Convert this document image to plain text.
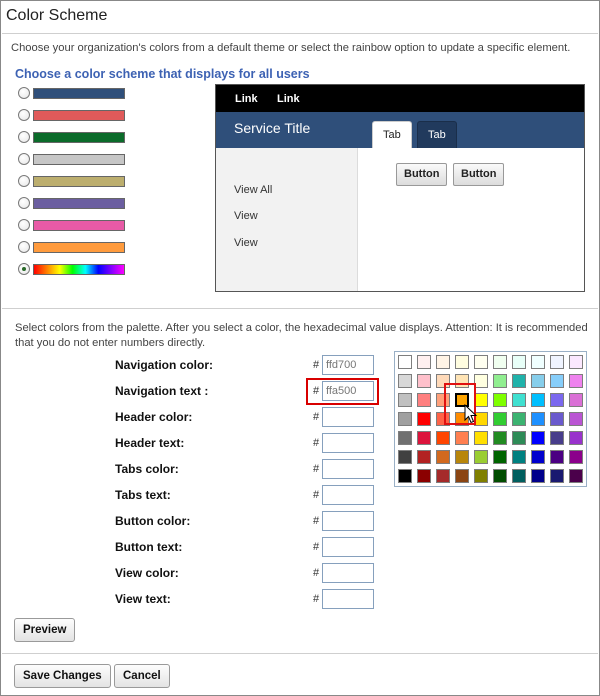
Color Scheme
Choose your organization's colors from a default theme or select the rainbow option to update a specific element.
Choose a color scheme that displays for all users
Link Link
Service Title	Tab	Tab
View All
View
View
Button	Button
Select colors from the palette. After you select a color, the hexadecimal value displays. Attention: It is recommended that you do not enter numbers directly.
Navigation color:	#
ffd700
Navigation text :	#
ffa500
Header color:	#
Header text:	#
Tabs color:	#
Tabs text:	#
Button color:	#
Button text:	#
View color:	#
View text:	#
Preview
Save Changes	Cancel
